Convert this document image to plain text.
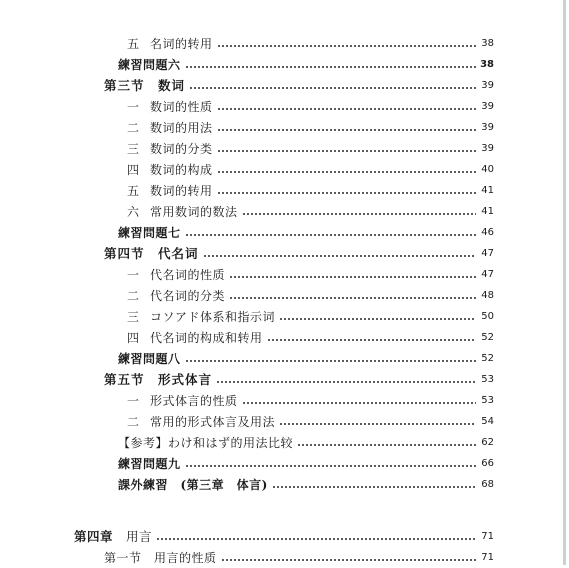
五 名词的转用	38
練習問題六	38
第三节　数词	39
一 数词的性质	39
二 数词的用法	39
三 数词的分类	39
四 数词的构成	40
五 数词的转用	41
六 常用数词的数法	41
練習問題七	46
第四节　代名词	47
一 代名词的性质	47
二 代名词的分类	48
三 コソアド体系和指示词	50
四 代名词的构成和转用	52
練習問題八	52
第五节　形式体言	53
一 形式体言的性质	53
二 常用的形式体言及用法	54
【参考】わけ和はず的用法比较	62
練習問題九	66
課外練習　(第三章　体言)	68
第四章 　用言	71
第一节　用言的性质	71
